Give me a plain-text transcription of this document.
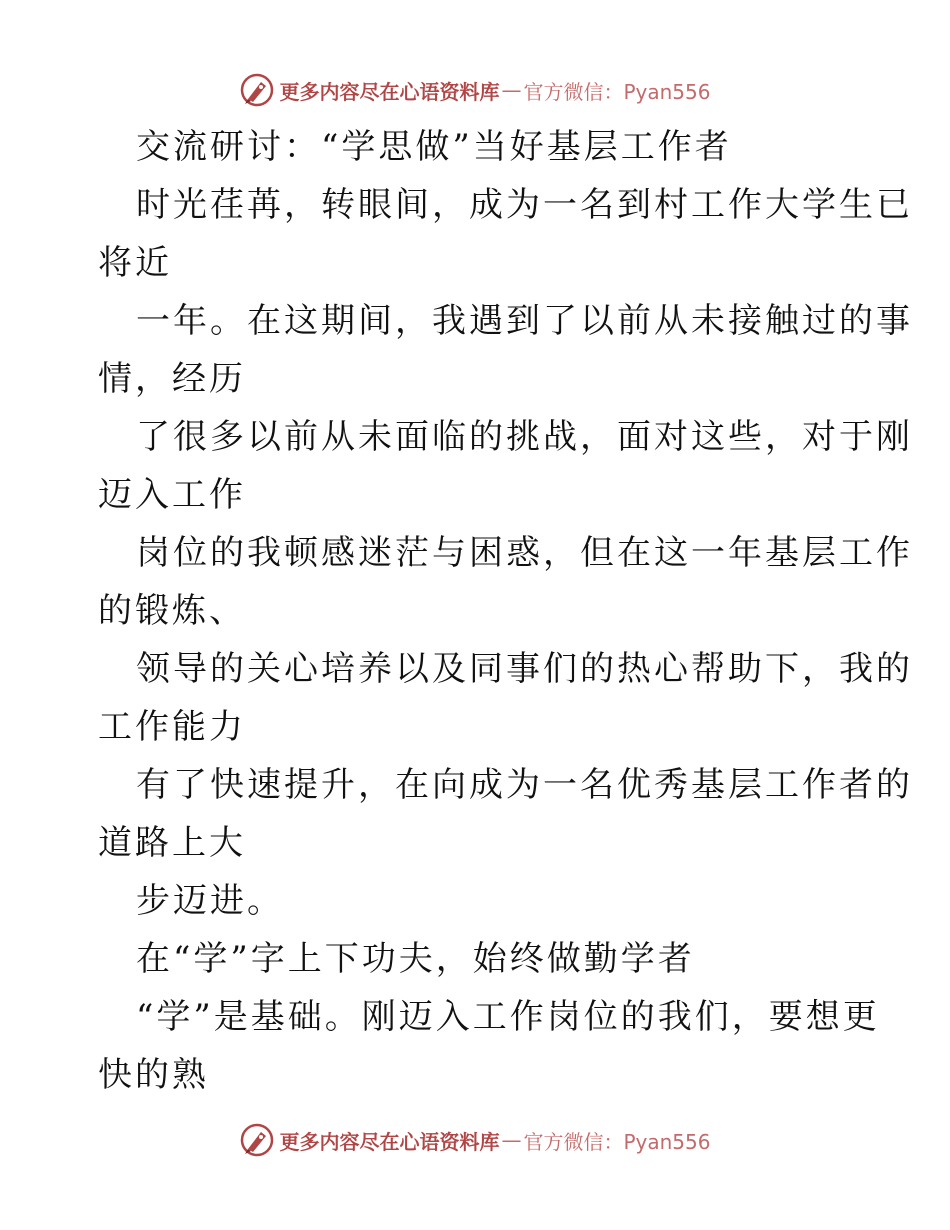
更多内容尽在心语资料库 — 官方微信：Pyan556
交流研讨：“学思做”当好基层工作者
时光荏苒，转眼间，成为一名到村工作大学生已
将近
一年。在这期间，我遇到了以前从未接触过的事
情，经历
了很多以前从未面临的挑战，面对这些，对于刚
迈入工作
岗位的我顿感迷茫与困惑，但在这一年基层工作
的锻炼、
领导的关心培养以及同事们的热心帮助下，我的
工作能力
有了快速提升，在向成为一名优秀基层工作者的
道路上大
步迈进。
在“学”字上下功夫，始终做勤学者
“学”是基础。刚迈入工作岗位的我们，要想更
快的熟
更多内容尽在心语资料库 — 官方微信：Pyan556
